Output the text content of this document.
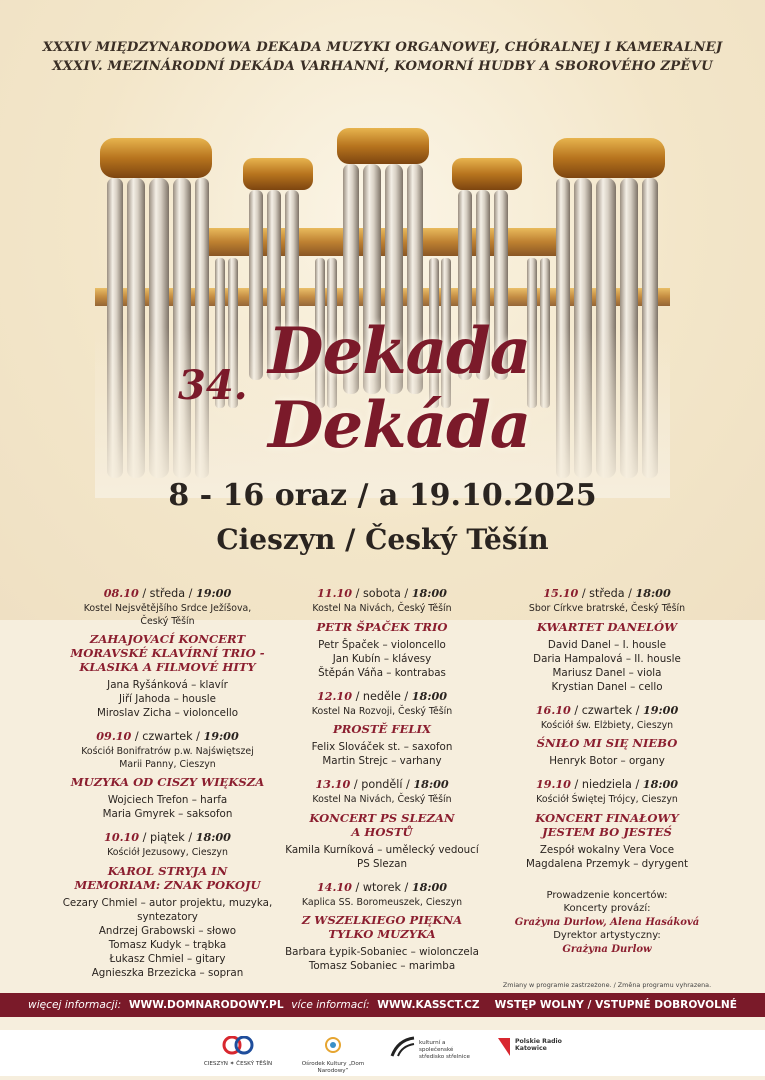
XXXIV MIĘDZYNARODOWA DEKADA MUZYKI ORGANOWEJ, CHÓRALNEJ I KAMERALNEJ
XXXIV. MEZINÁRODNÍ DEKÁDA VARHANNÍ, KOMORNÍ HUDBY A SBOROVÉHO ZPĚVU
34. Dekada
Dekáda
8 - 16 oraz / a 19.10.2025
Cieszyn / Český Těšín
08.10 / středa / 19:00
Kostel Nejsvětějšího Srdce Ježíšova,
Český Těšín
ZAHAJOVACÍ KONCERT
MORAVSKÉ KLAVÍRNÍ TRIO -
KLASIKA A FILMOVÉ HITY
Jana Ryšánková – klavír
Jiří Jahoda – housle
Miroslav Zicha – violoncello
09.10 / czwartek / 19:00
Kościół Bonifratrów p.w. Najświętszej
Marii Panny, Cieszyn
MUZYKA OD CISZY WIĘKSZA
Wojciech Trefon – harfa
Maria Gmyrek – saksofon
10.10 / piątek / 18:00
Kościół Jezusowy, Cieszyn
KAROL STRYJA IN
MEMORIAM: ZNAK POKOJU
Cezary Chmiel – autor projektu, muzyka,
syntezatory
Andrzej Grabowski – słowo
Tomasz Kudyk – trąbka
Łukasz Chmiel – gitary
Agnieszka Brzezicka – sopran
11.10 / sobota / 18:00
Kostel Na Nivách, Český Těšín
PETR ŠPAČEK TRIO
Petr Špaček – violoncello
Jan Kubín – klávesy
Štěpán Váňa – kontrabas
12.10 / neděle / 18:00
Kostel Na Rozvoji, Český Těšín
PROSTĚ FELIX
Felix Slováček st. – saxofon
Martin Strejc – varhany
13.10 / pondělí / 18:00
Kostel Na Nivách, Český Těšín
KONCERT PS SLEZAN
A HOSTŮ
Kamila Kurníková – umělecký vedoucí
PS Slezan
14.10 / wtorek / 18:00
Kaplica SS. Boromeuszek, Cieszyn
Z WSZELKIEGO PIĘKNA
TYLKO MUZYKA
Barbara Łypik-Sobaniec – wiolonczela
Tomasz Sobaniec – marimba
15.10 / středa / 18:00
Sbor Církve bratrské, Český Těšín
KWARTET DANELÓW
David Danel – I. housle
Daria Hampalová – II. housle
Mariusz Danel – viola
Krystian Danel – cello
16.10 / czwartek / 19:00
Kościół św. Elżbiety, Cieszyn
ŚNIŁO MI SIĘ NIEBO
Henryk Botor – organy
19.10 / niedziela / 18:00
Kościół Świętej Trójcy, Cieszyn
KONCERT FINAŁOWY
JESTEM BO JESTEŚ
Zespół wokalny Vera Voce
Magdalena Przemyk – dyrygent
Prowadzenie koncertów:
Koncerty provází:
Grażyna Durlow, Alena Hasáková
Dyrektor artystyczny:
Grażyna Durlow
Zmiany w programie zastrzeżone. / Změna programu vyhrazena.
więcej informacji: WWW.DOMNARODOWY.PL více informací: WWW.KASSCT.CZ WSTĘP WOLNY / VSTUPNÉ DOBROVOLNÉ
CIESZYN ✶ ČESKÝ TĚŠÍN	Ośrodek Kultury „Dom Narodowy”
kulturní a společenské středisko střelnice
Polskie Radio Katowice
